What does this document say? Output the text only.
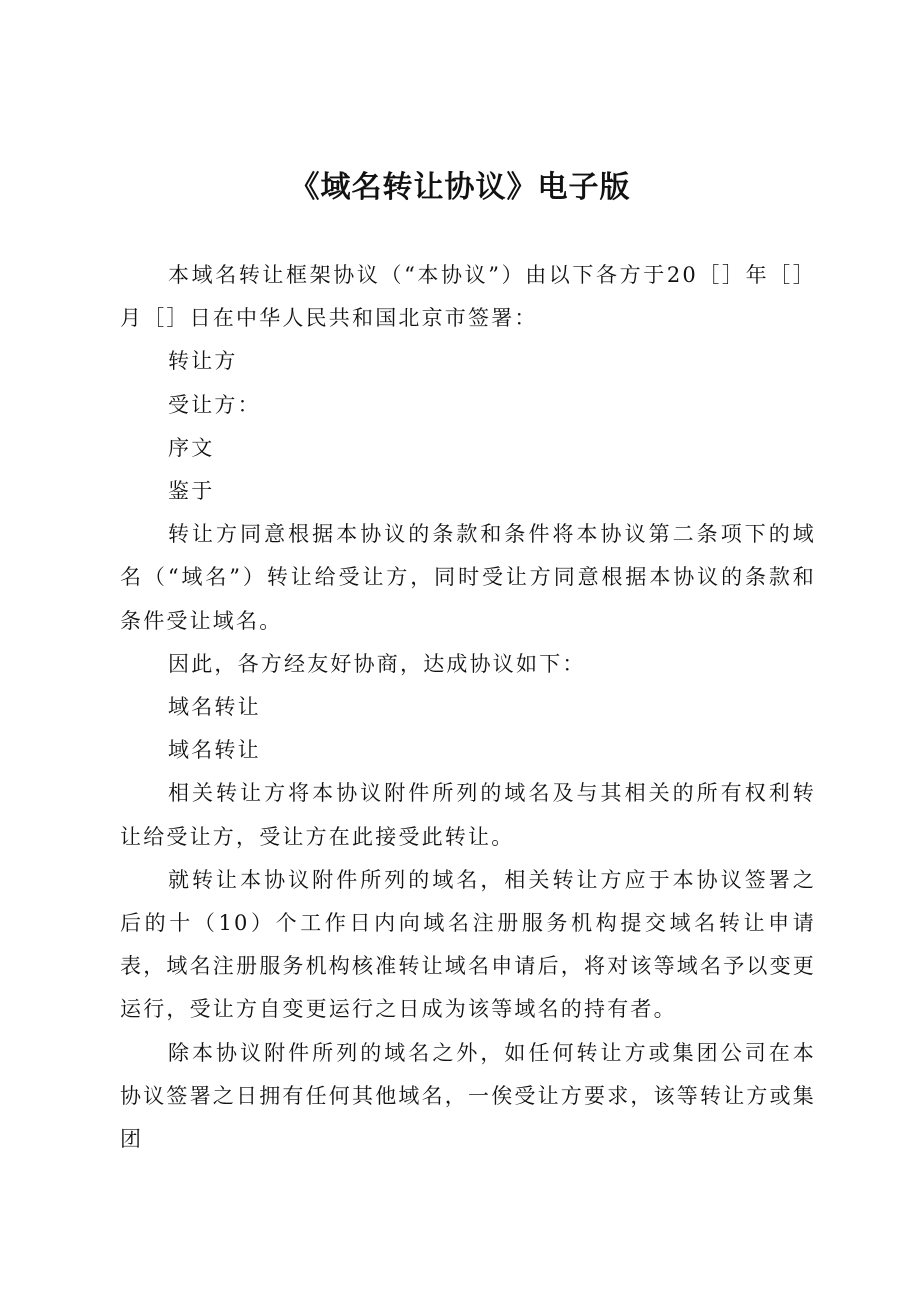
《域名转让协议》电子版

本域名转让框架协议（“本协议”）由以下各方于20［］年［］月［］日在中华人民共和国北京市签署：

转让方

受让方：

序文

鉴于

转让方同意根据本协议的条款和条件将本协议第二条项下的域名（“域名”）转让给受让方，同时受让方同意根据本协议的条款和条件受让域名。

因此，各方经友好协商，达成协议如下：

域名转让

域名转让

相关转让方将本协议附件所列的域名及与其相关的所有权利转让给受让方，受让方在此接受此转让。

就转让本协议附件所列的域名，相关转让方应于本协议签署之后的十（10）个工作日内向域名注册服务机构提交域名转让申请表，域名注册服务机构核准转让域名申请后，将对该等域名予以变更运行，受让方自变更运行之日成为该等域名的持有者。

除本协议附件所列的域名之外，如任何转让方或集团公司在本协议签署之日拥有任何其他域名，一俟受让方要求，该等转让方或集团
